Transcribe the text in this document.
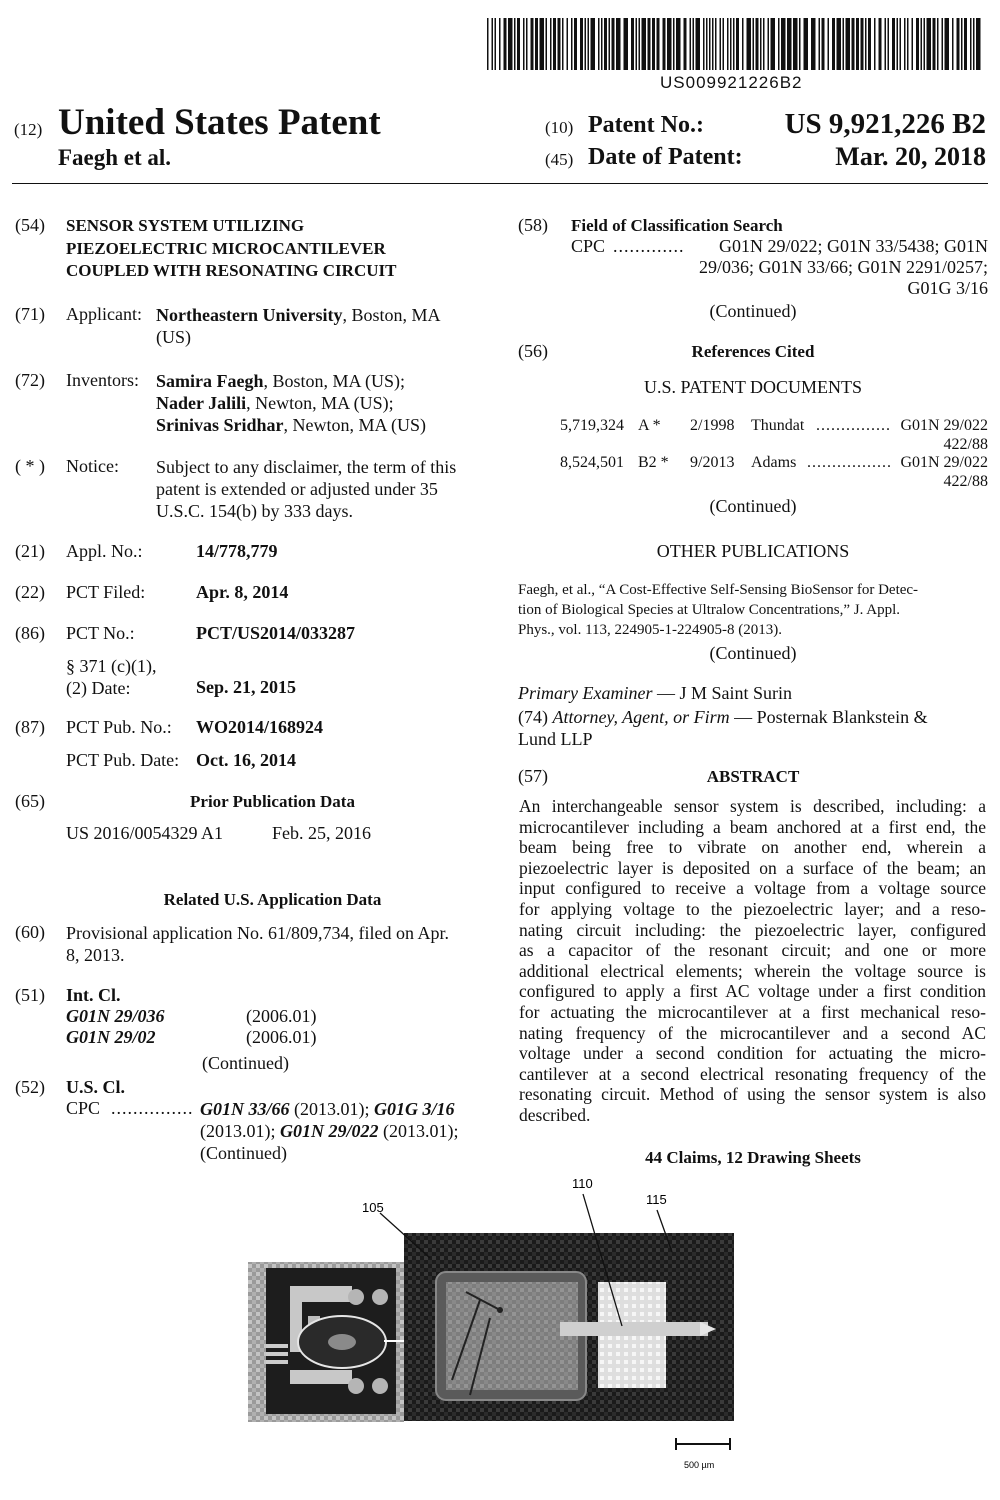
US009921226B2
(12) United States Patent
Faegh et al.
(10) Patent No.:	US 9,921,226 B2
(45) Date of Patent:	Mar. 20, 2018
(54) SENSOR SYSTEM UTILIZING
PIEZOELECTRIC MICROCANTILEVER
COUPLED WITH RESONATING CIRCUIT
(71) Applicant: Northeastern University, Boston, MA
(US)
(72) Inventors: Samira Faegh, Boston, MA (US);
Nader Jalili, Newton, MA (US);
Srinivas Sridhar, Newton, MA (US)
( * ) Notice: Subject to any disclaimer, the term of this
patent is extended or adjusted under 35
U.S.C. 154(b) by 333 days.
(21) Appl. No.:	14/778,779
(22) PCT Filed:	Apr. 8, 2014
(86) PCT No.:	PCT/US2014/033287
§ 371 (c)(1),
(2) Date:	Sep. 21, 2015
(87) PCT Pub. No.: WO2014/168924
PCT Pub. Date: Oct. 16, 2014
(65)	Prior Publication Data
US 2016/0054329 A1	Feb. 25, 2016
Related U.S. Application Data
(60) Provisional application No. 61/809,734, filed on Apr.
8, 2013.
(51) Int. Cl.
G01N 29/036	(2006.01)
G01N 29/02	(2006.01)
(Continued)
(52) U.S. Cl.
CPC ............... G01N 33/66 (2013.01); G01G 3/16
(2013.01); G01N 29/022 (2013.01);
(Continued)
(58) Field of Classification Search
CPC ............. G01N 29/022; G01N 33/5438; G01N
29/036; G01N 33/66; G01N 2291/0257;
G01G 3/16
(Continued)
(56)	References Cited
U.S. PATENT DOCUMENTS
5,719,324 A * 2/1998 Thundat ............... G01N 29/022
422/88
8,524,501 B2 * 9/2013 Adams ................. G01N 29/022
422/88
(Continued)
OTHER PUBLICATIONS
Faegh, et al., “A Cost-Effective Self-Sensing BioSensor for Detec-
tion of Biological Species at Ultralow Concentrations,” J. Appl.
Phys., vol. 113, 224905-1-224905-8 (2013).
(Continued)
Primary Examiner — J M Saint Surin
(74) Attorney, Agent, or Firm — Posternak Blankstein &
Lund LLP
(57)	ABSTRACT
An interchangeable sensor system is described, including: a
microcantilever including a beam anchored at a first end, the
beam being free to vibrate on another end, wherein a
piezoelectric layer is deposited on a surface of the beam; an
input configured to receive a voltage from a voltage source
for applying voltage to the piezoelectric layer; and a reso-
nating circuit including: the piezoelectric layer, configured
as a capacitor of the resonant circuit; and one or more
additional electrical elements; wherein the voltage source is
configured to apply a first AC voltage under a first condition
for actuating the microcantilever at a first mechanical reso-
nating frequency of the microcantilever and a second AC
voltage under a second condition for actuating the micro-
cantilever at a second electrical resonating frequency of the
resonating circuit. Method of using the sensor system is also
described.
44 Claims, 12 Drawing Sheets
105
110
115
500 µm
